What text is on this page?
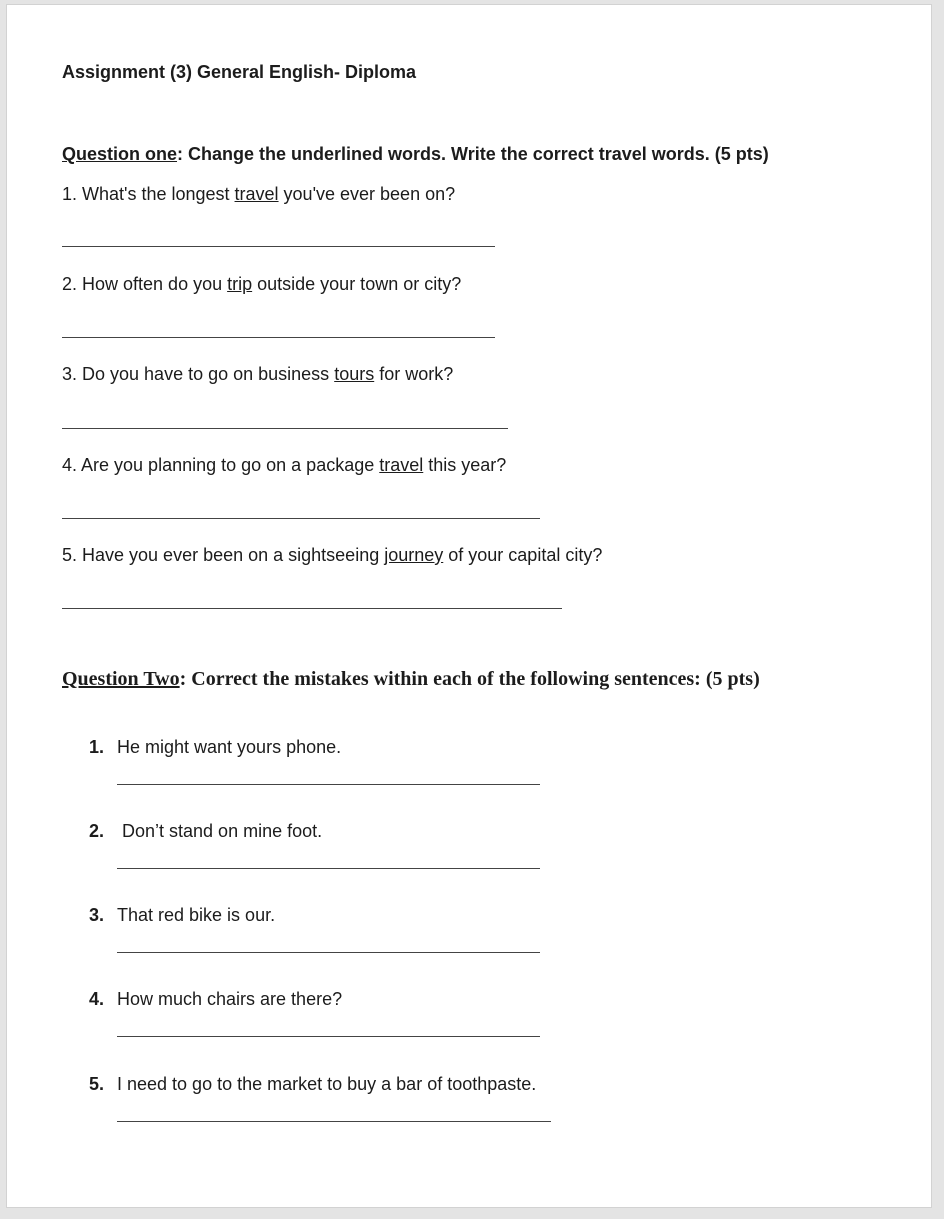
Assignment (3) General English- Diploma
Question one: Change the underlined words. Write the correct travel words. (5 pts)
1. What's the longest travel you've ever been on?
2. How often do you trip outside your town or city?
3. Do you have to go on business tours for work?
4. Are you planning to go on a package travel this year?
5. Have you ever been on a sightseeing journey of your capital city?
Question Two: Correct the mistakes within each of the following sentences: (5 pts)
1. He might want yours phone.
2. Don’t stand on mine foot.
3. That red bike is our.
4. How much chairs are there?
5. I need to go to the market to buy a bar of toothpaste.
